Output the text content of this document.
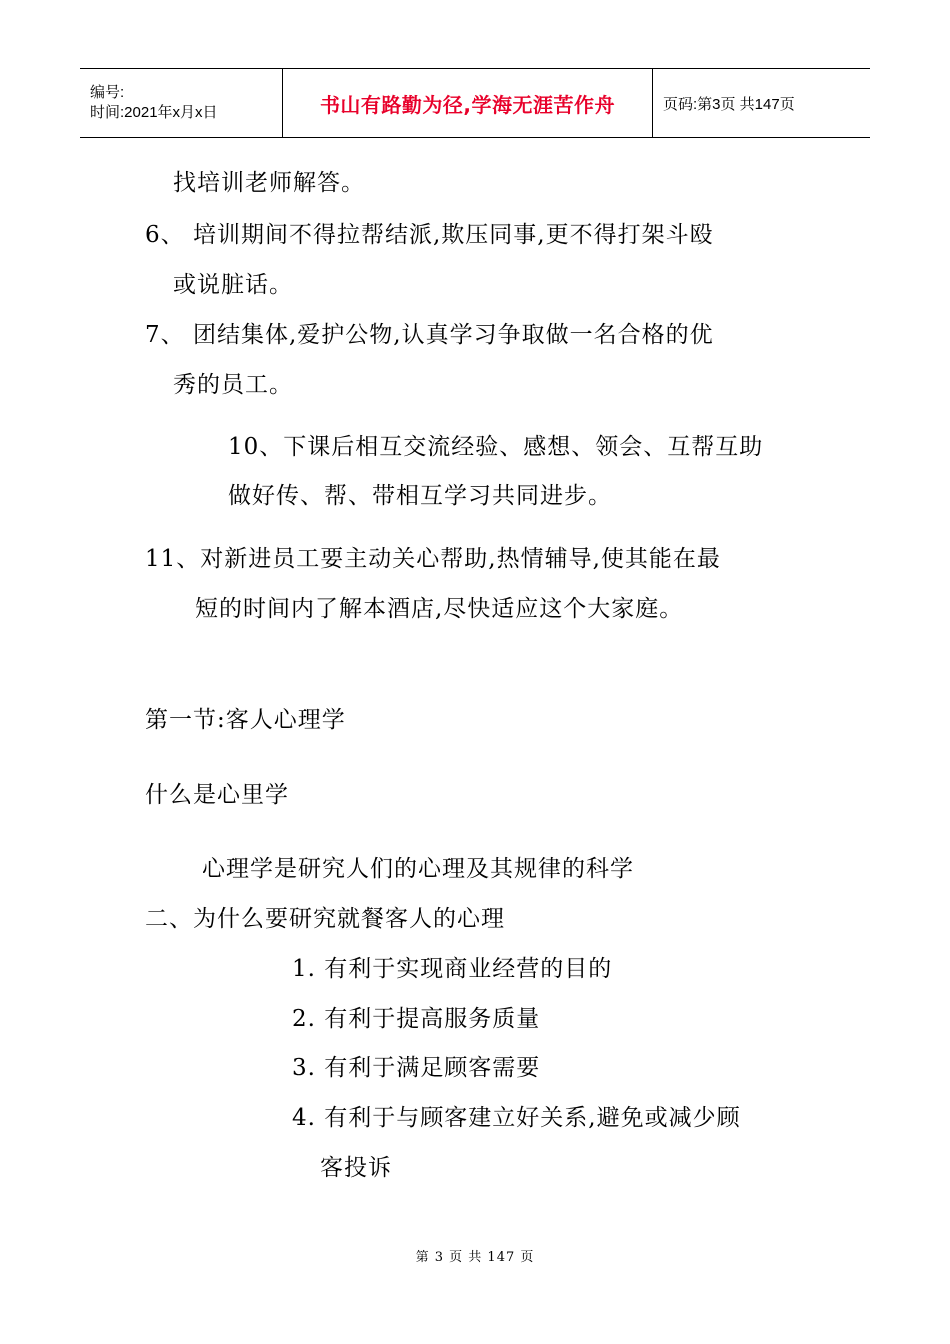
编号:
时间:2021年x月x日	书山有路勤为径,学海无涯苦作舟	页码:第3页 共147页
找培训老师解答。
6、 培训期间不得拉帮结派,欺压同事,更不得打架斗殴
或说脏话。
7、 团结集体,爱护公物,认真学习争取做一名合格的优
秀的员工。
10、下课后相互交流经验、感想、领会、互帮互助
做好传、帮、带相互学习共同进步。
11、对新进员工要主动关心帮助,热情辅导,使其能在最
短的时间内了解本酒店,尽快适应这个大家庭。
第一节:客人心理学
什么是心里学
心理学是研究人们的心理及其规律的科学
二、为什么要研究就餐客人的心理
1. 有利于实现商业经营的目的
2. 有利于提高服务质量
3. 有利于满足顾客需要
4. 有利于与顾客建立好关系,避免或减少顾
客投诉
第 3 页 共 147 页
